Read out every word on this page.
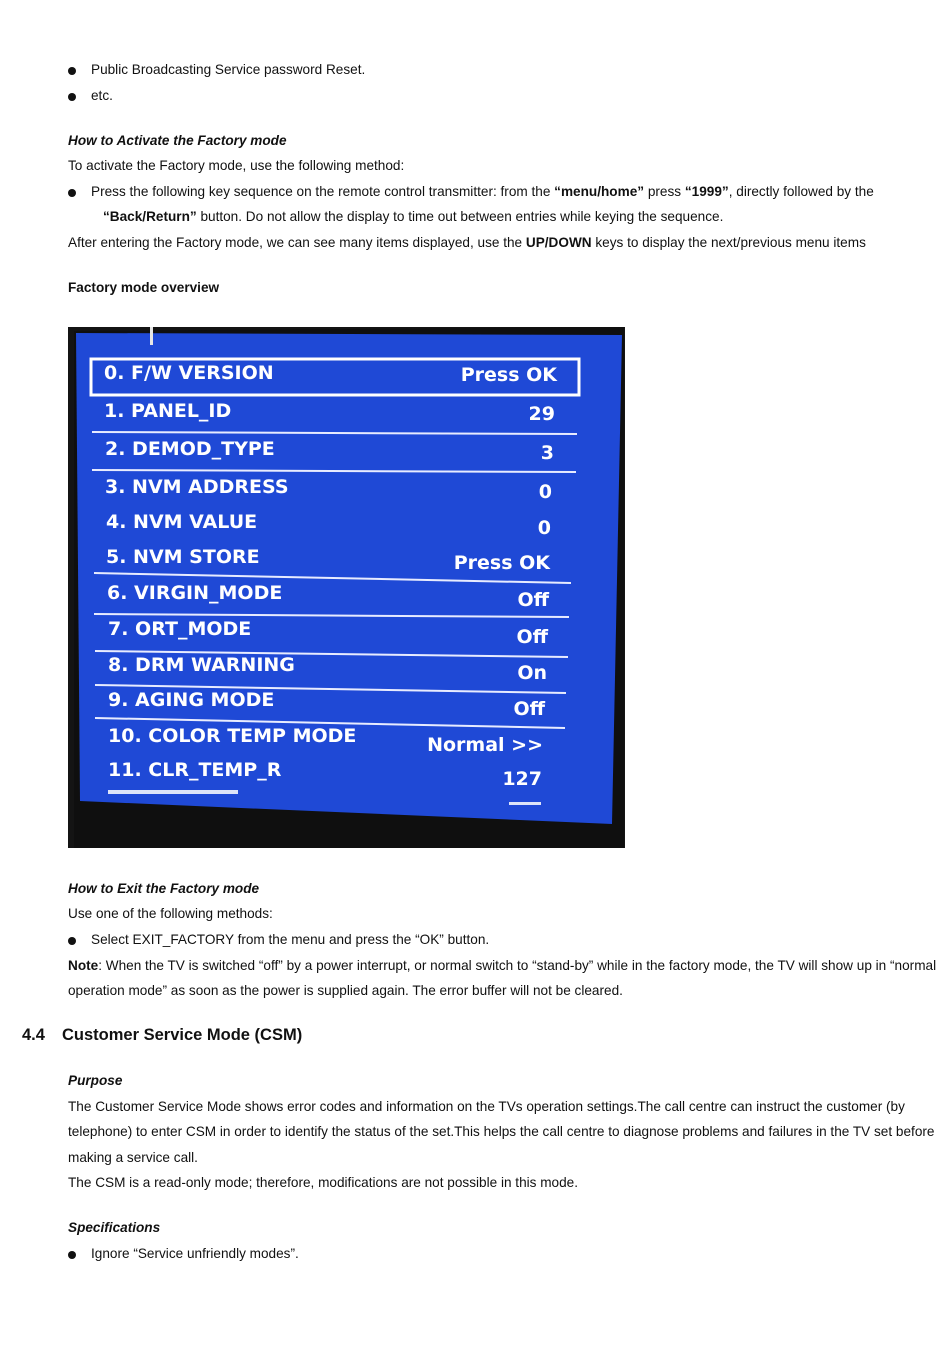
Public Broadcasting Service password Reset.
etc.
How to Activate the Factory mode
To activate the Factory mode, use the following method:
Press the following key sequence on the remote control transmitter: from the “menu/home” press “1999”, directly followed by the
“Back/Return” button. Do not allow the display to time out between entries while keying the sequence.
After entering the Factory mode, we can see many items displayed, use the UP/DOWN keys to display the next/previous menu items
Factory mode overview
0. F/W VERSION	Press OK
1. PANEL_ID	29
2. DEMOD_TYPE	3
3. NVM ADDRESS	0
4. NVM VALUE	0
5. NVM STORE	Press OK
6. VIRGIN_MODE	Off
7. ORT_MODE	Off
8. DRM WARNING	On
9. AGING MODE	Off
10. COLOR TEMP MODE	Normal >>
11. CLR_TEMP_R	127
How to Exit the Factory mode
Use one of the following methods:
Select EXIT_FACTORY from the menu and press the “OK” button.
Note: When the TV is switched “off” by a power interrupt, or normal switch to “stand-by” while in the factory mode, the TV will show up in “normal
operation mode” as soon as the power is supplied again. The error buffer will not be cleared.
4.4 Customer Service Mode (CSM)
Purpose
The Customer Service Mode shows error codes and information on the TVs operation settings.The call centre can instruct the customer (by
telephone) to enter CSM in order to identify the status of the set.This helps the call centre to diagnose problems and failures in the TV set before
making a service call.
The CSM is a read-only mode; therefore, modifications are not possible in this mode.
Specifications
Ignore “Service unfriendly modes”.
